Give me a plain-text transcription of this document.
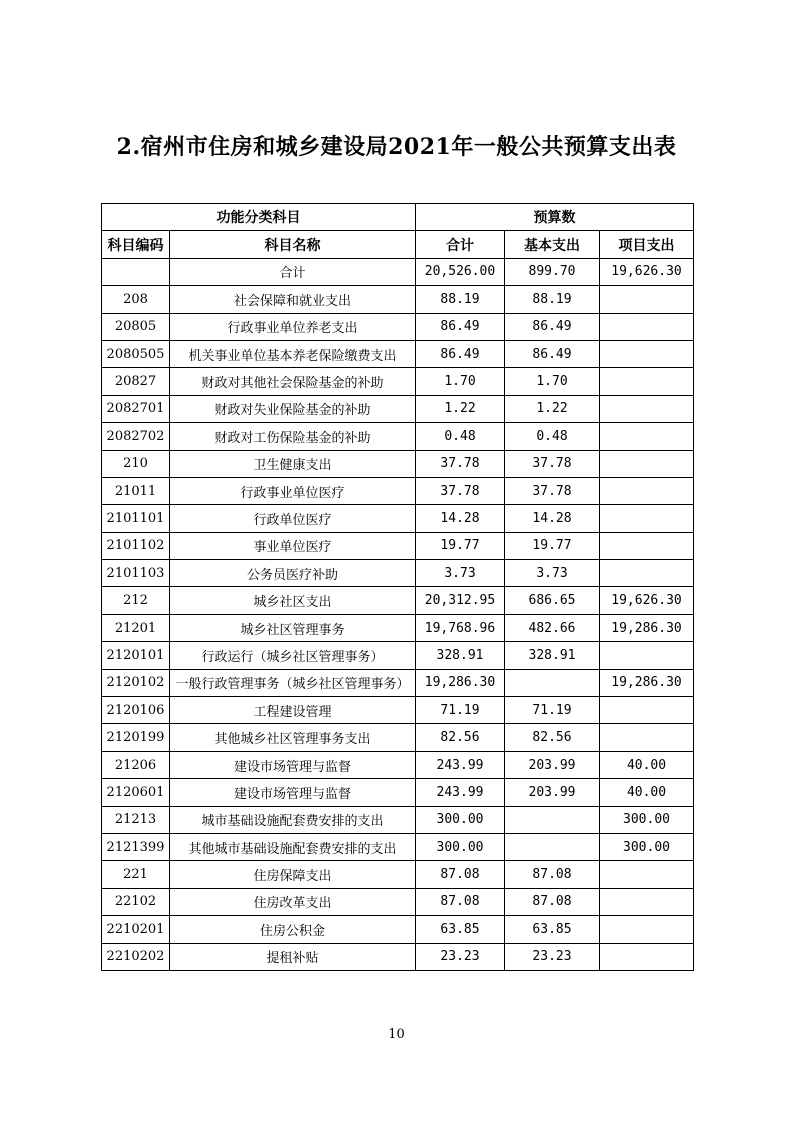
2.宿州市住房和城乡建设局2021年一般公共预算支出表
功能分类科目		预算数		
科目编码	科目名称	合计	基本支出	项目支出
	合计	20,526.00	899.70	19,626.30
208	社会保障和就业支出	88.19	88.19	
20805	行政事业单位养老支出	86.49	86.49	
2080505	机关事业单位基本养老保险缴费支出	86.49	86.49	
20827	财政对其他社会保险基金的补助	1.70	1.70	
2082701	财政对失业保险基金的补助	1.22	1.22	
2082702	财政对工伤保险基金的补助	0.48	0.48	
210	卫生健康支出	37.78	37.78	
21011	行政事业单位医疗	37.78	37.78	
2101101	行政单位医疗	14.28	14.28	
2101102	事业单位医疗	19.77	19.77	
2101103	公务员医疗补助	3.73	3.73	
212	城乡社区支出	20,312.95	686.65	19,626.30
21201	城乡社区管理事务	19,768.96	482.66	19,286.30
2120101	行政运行（城乡社区管理事务）	328.91	328.91	
2120102	一般行政管理事务（城乡社区管理事务）	19,286.30		19,286.30
2120106	工程建设管理	71.19	71.19	
2120199	其他城乡社区管理事务支出	82.56	82.56	
21206	建设市场管理与监督	243.99	203.99	40.00
2120601	建设市场管理与监督	243.99	203.99	40.00
21213	城市基础设施配套费安排的支出	300.00		300.00
2121399	其他城市基础设施配套费安排的支出	300.00		300.00
221	住房保障支出	87.08	87.08	
22102	住房改革支出	87.08	87.08	
2210201	住房公积金	63.85	63.85	
2210202	提租补贴	23.23	23.23	
10
